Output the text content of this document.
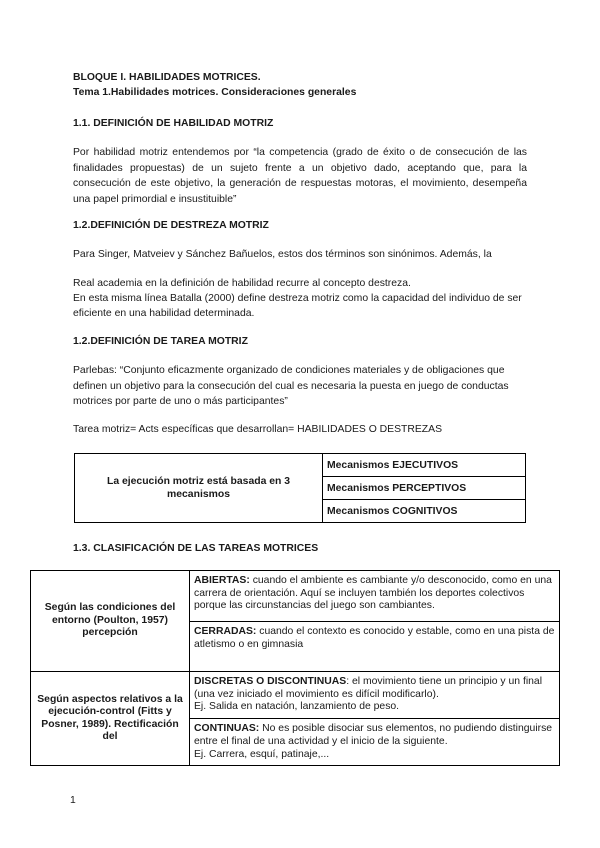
BLOQUE I. HABILIDADES MOTRICES.
Tema 1.Habilidades motrices. Consideraciones generales
1.1. DEFINICIÓN DE HABILIDAD MOTRIZ
Por habilidad motriz entendemos por “la competencia (grado de éxito o de consecución de las finalidades propuestas) de un sujeto frente a un objetivo dado, aceptando que, para la consecución de este objetivo, la generación de respuestas motoras, el movimiento, desempeña una papel primordial e insustituible”
1.2.DEFINICIÓN DE DESTREZA MOTRIZ
Para Singer, Matveiev y Sánchez Bañuelos, estos dos términos son sinónimos. Además, la
Real academia en la definición de habilidad recurre al concepto destreza.
En esta misma línea Batalla (2000) define destreza motriz como la capacidad del individuo de ser eficiente en una habilidad determinada.
1.2.DEFINICIÓN DE TAREA MOTRIZ
Parlebas: “Conjunto eficazmente organizado de condiciones materiales y de obligaciones que definen un objetivo para la consecución del cual es necesaria la puesta en juego de conductas motrices por parte de uno o más participantes”
Tarea motriz= Acts específicas que desarrollan= HABILIDADES O DESTREZAS
La ejecución motriz está basada en 3 mecanismos	Mecanismos EJECUTIVOS
Mecanismos PERCEPTIVOS
Mecanismos COGNITIVOS
1.3. CLASIFICACIÓN DE LAS TAREAS MOTRICES
Según las condiciones del entorno (Poulton, 1957) percepción	ABIERTAS: cuando el ambiente es cambiante y/o desconocido, como en una carrera de orientación. Aquí se incluyen también los deportes colectivos porque las circunstancias del juego son cambiantes.
	CERRADAS: cuando el contexto es conocido y estable, como en una pista de atletismo o en gimnasia
Según aspectos relativos a la ejecución-control (Fitts y Posner, 1989). Rectificación del	DISCRETAS O DISCONTINUAS: el movimiento tiene un principio y un final (una vez iniciado el movimiento es difícil modificarlo).
Ej. Salida en natación, lanzamiento de peso.
	CONTINUAS: No es posible disociar sus elementos, no pudiendo distinguirse entre el final de una actividad y el inicio de la siguiente.
Ej. Carrera, esquí, patinaje,...
1
